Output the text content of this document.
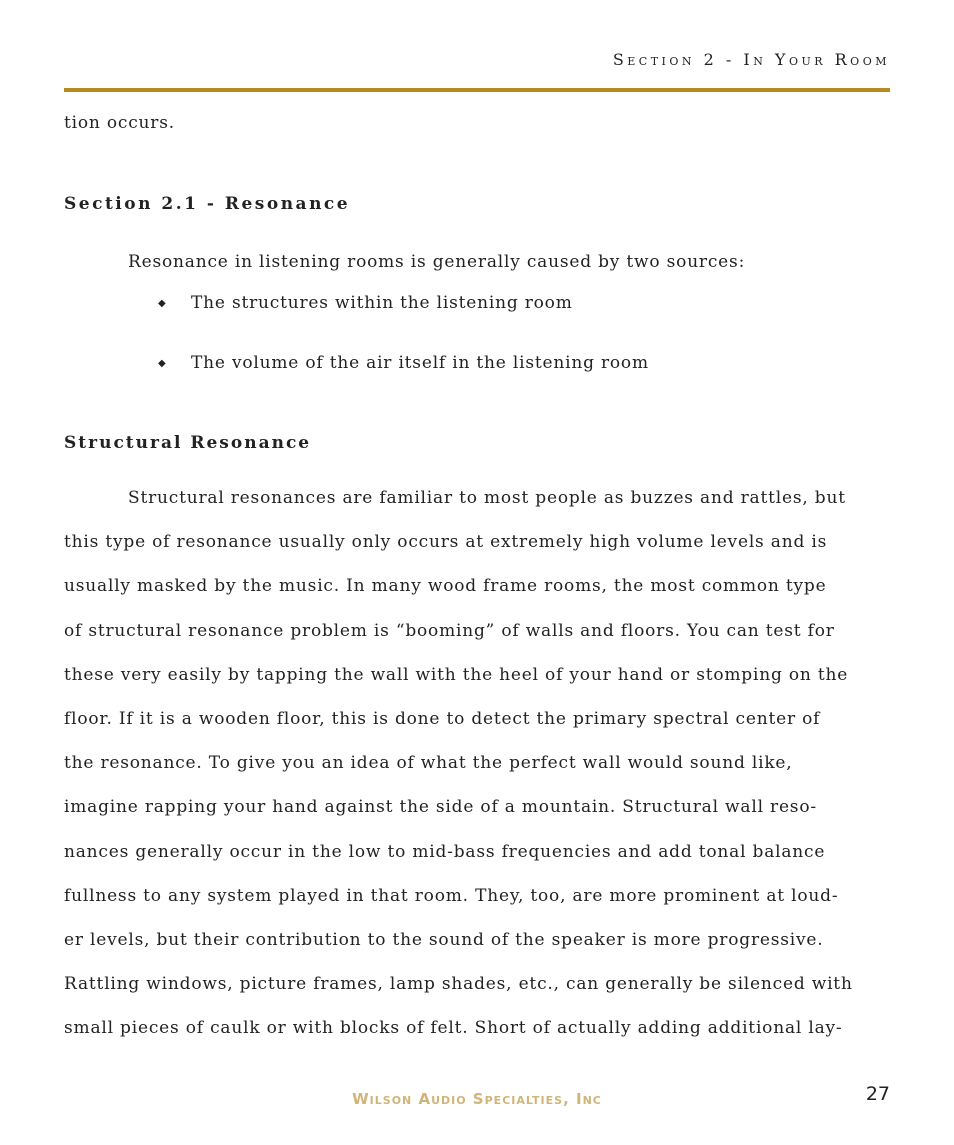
Section 2 - In Your Room
tion occurs.
Section 2.1 - Resonance
Resonance in listening rooms is generally caused by two sources:
◆ The structures within the listening room
◆ The volume of the air itself in the listening room
Structural Resonance
Structural resonances are familiar to most people as buzzes and rattles, but
this type of resonance usually only occurs at extremely high volume levels and is
usually masked by the music. In many wood frame rooms, the most common type
of structural resonance problem is “booming” of walls and floors. You can test for
these very easily by tapping the wall with the heel of your hand or stomping on the
floor. If it is a wooden floor, this is done to detect the primary spectral center of
the resonance. To give you an idea of what the perfect wall would sound like,
imagine rapping your hand against the side of a mountain. Structural wall reso-
nances generally occur in the low to mid-bass frequencies and add tonal balance
fullness to any system played in that room. They, too, are more prominent at loud-
er levels, but their contribution to the sound of the speaker is more progressive.
Rattling windows, picture frames, lamp shades, etc., can generally be silenced with
small pieces of caulk or with blocks of felt. Short of actually adding additional lay-
Wilson Audio Specialties, Inc	27
